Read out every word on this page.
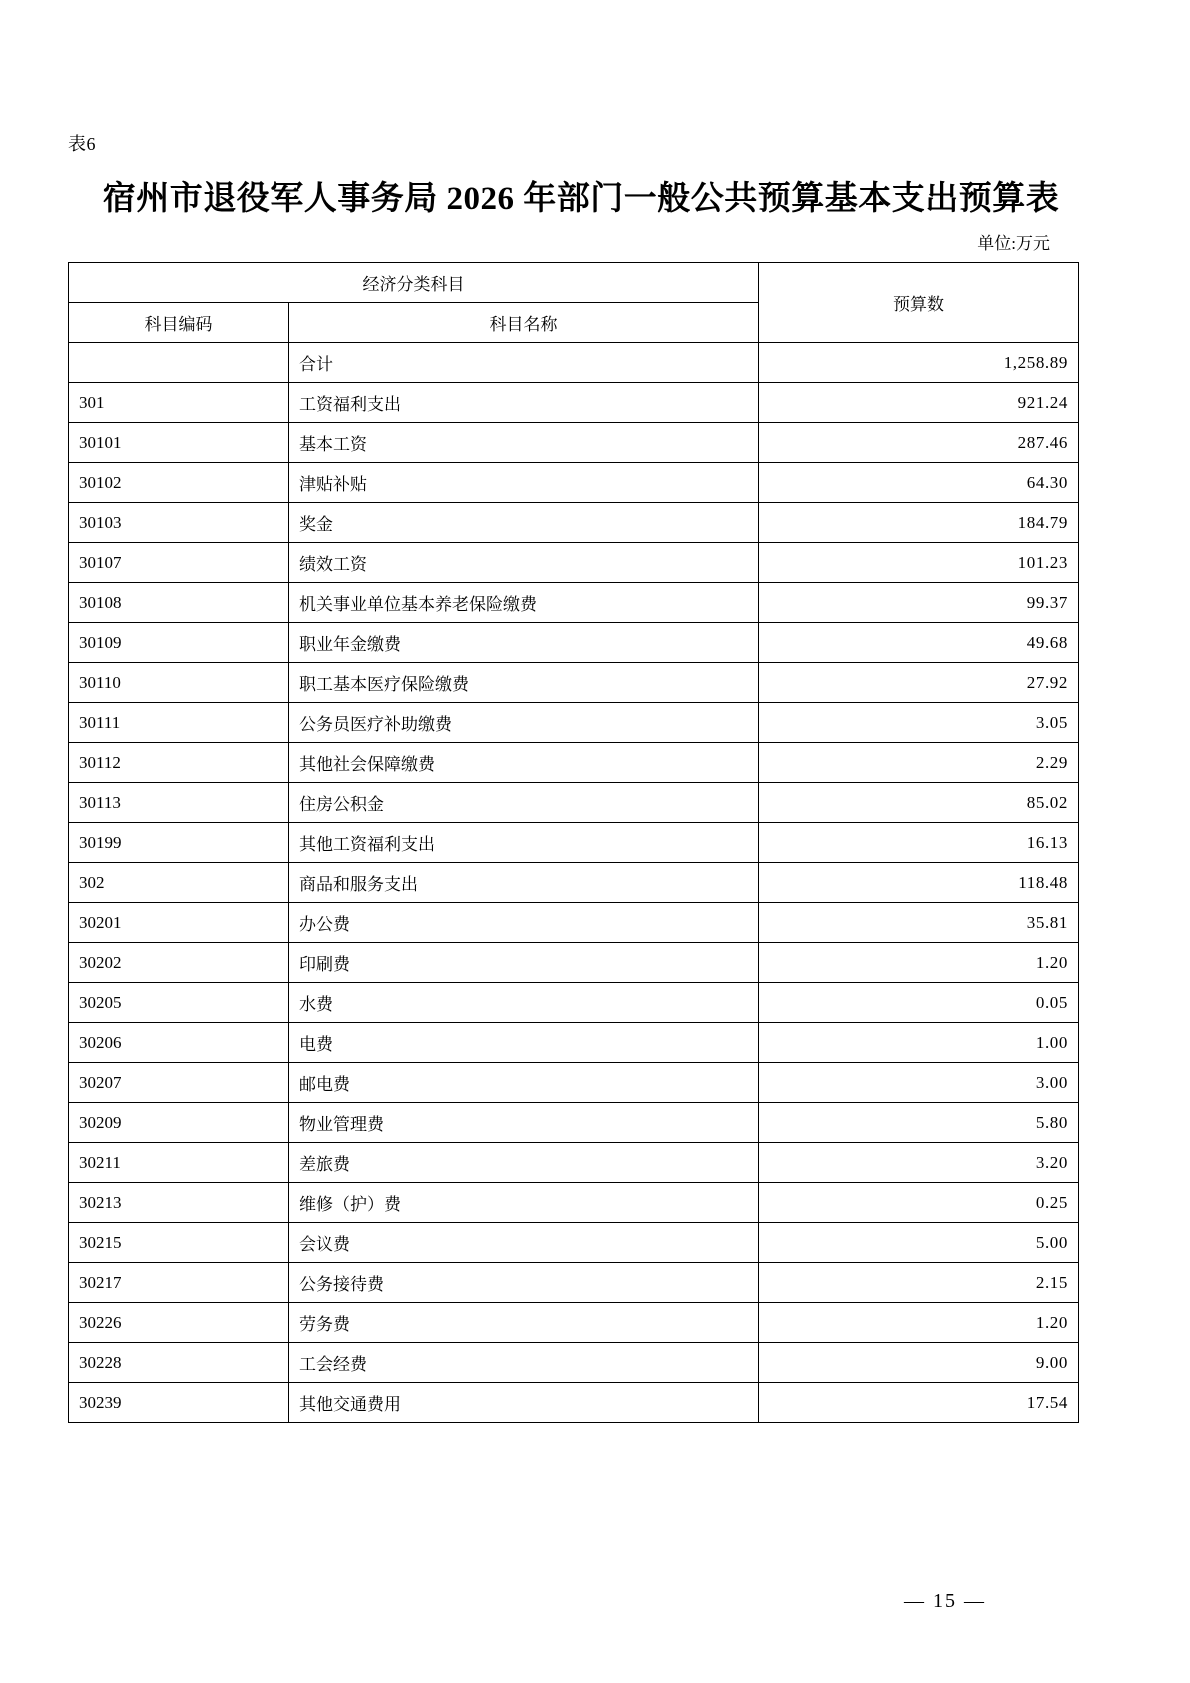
表6
宿州市退役军人事务局 2026 年部门一般公共预算基本支出预算表
单位:万元
经济分类科目		预算数
科目编码	科目名称	
	合计	1,258.89
301	工资福利支出	921.24
30101	基本工资	287.46
30102	津贴补贴	64.30
30103	奖金	184.79
30107	绩效工资	101.23
30108	机关事业单位基本养老保险缴费	99.37
30109	职业年金缴费	49.68
30110	职工基本医疗保险缴费	27.92
30111	公务员医疗补助缴费	3.05
30112	其他社会保障缴费	2.29
30113	住房公积金	85.02
30199	其他工资福利支出	16.13
302	商品和服务支出	118.48
30201	办公费	35.81
30202	印刷费	1.20
30205	水费	0.05
30206	电费	1.00
30207	邮电费	3.00
30209	物业管理费	5.80
30211	差旅费	3.20
30213	维修（护）费	0.25
30215	会议费	5.00
30217	公务接待费	2.15
30226	劳务费	1.20
30228	工会经费	9.00
30239	其他交通费用	17.54
— 15 —
